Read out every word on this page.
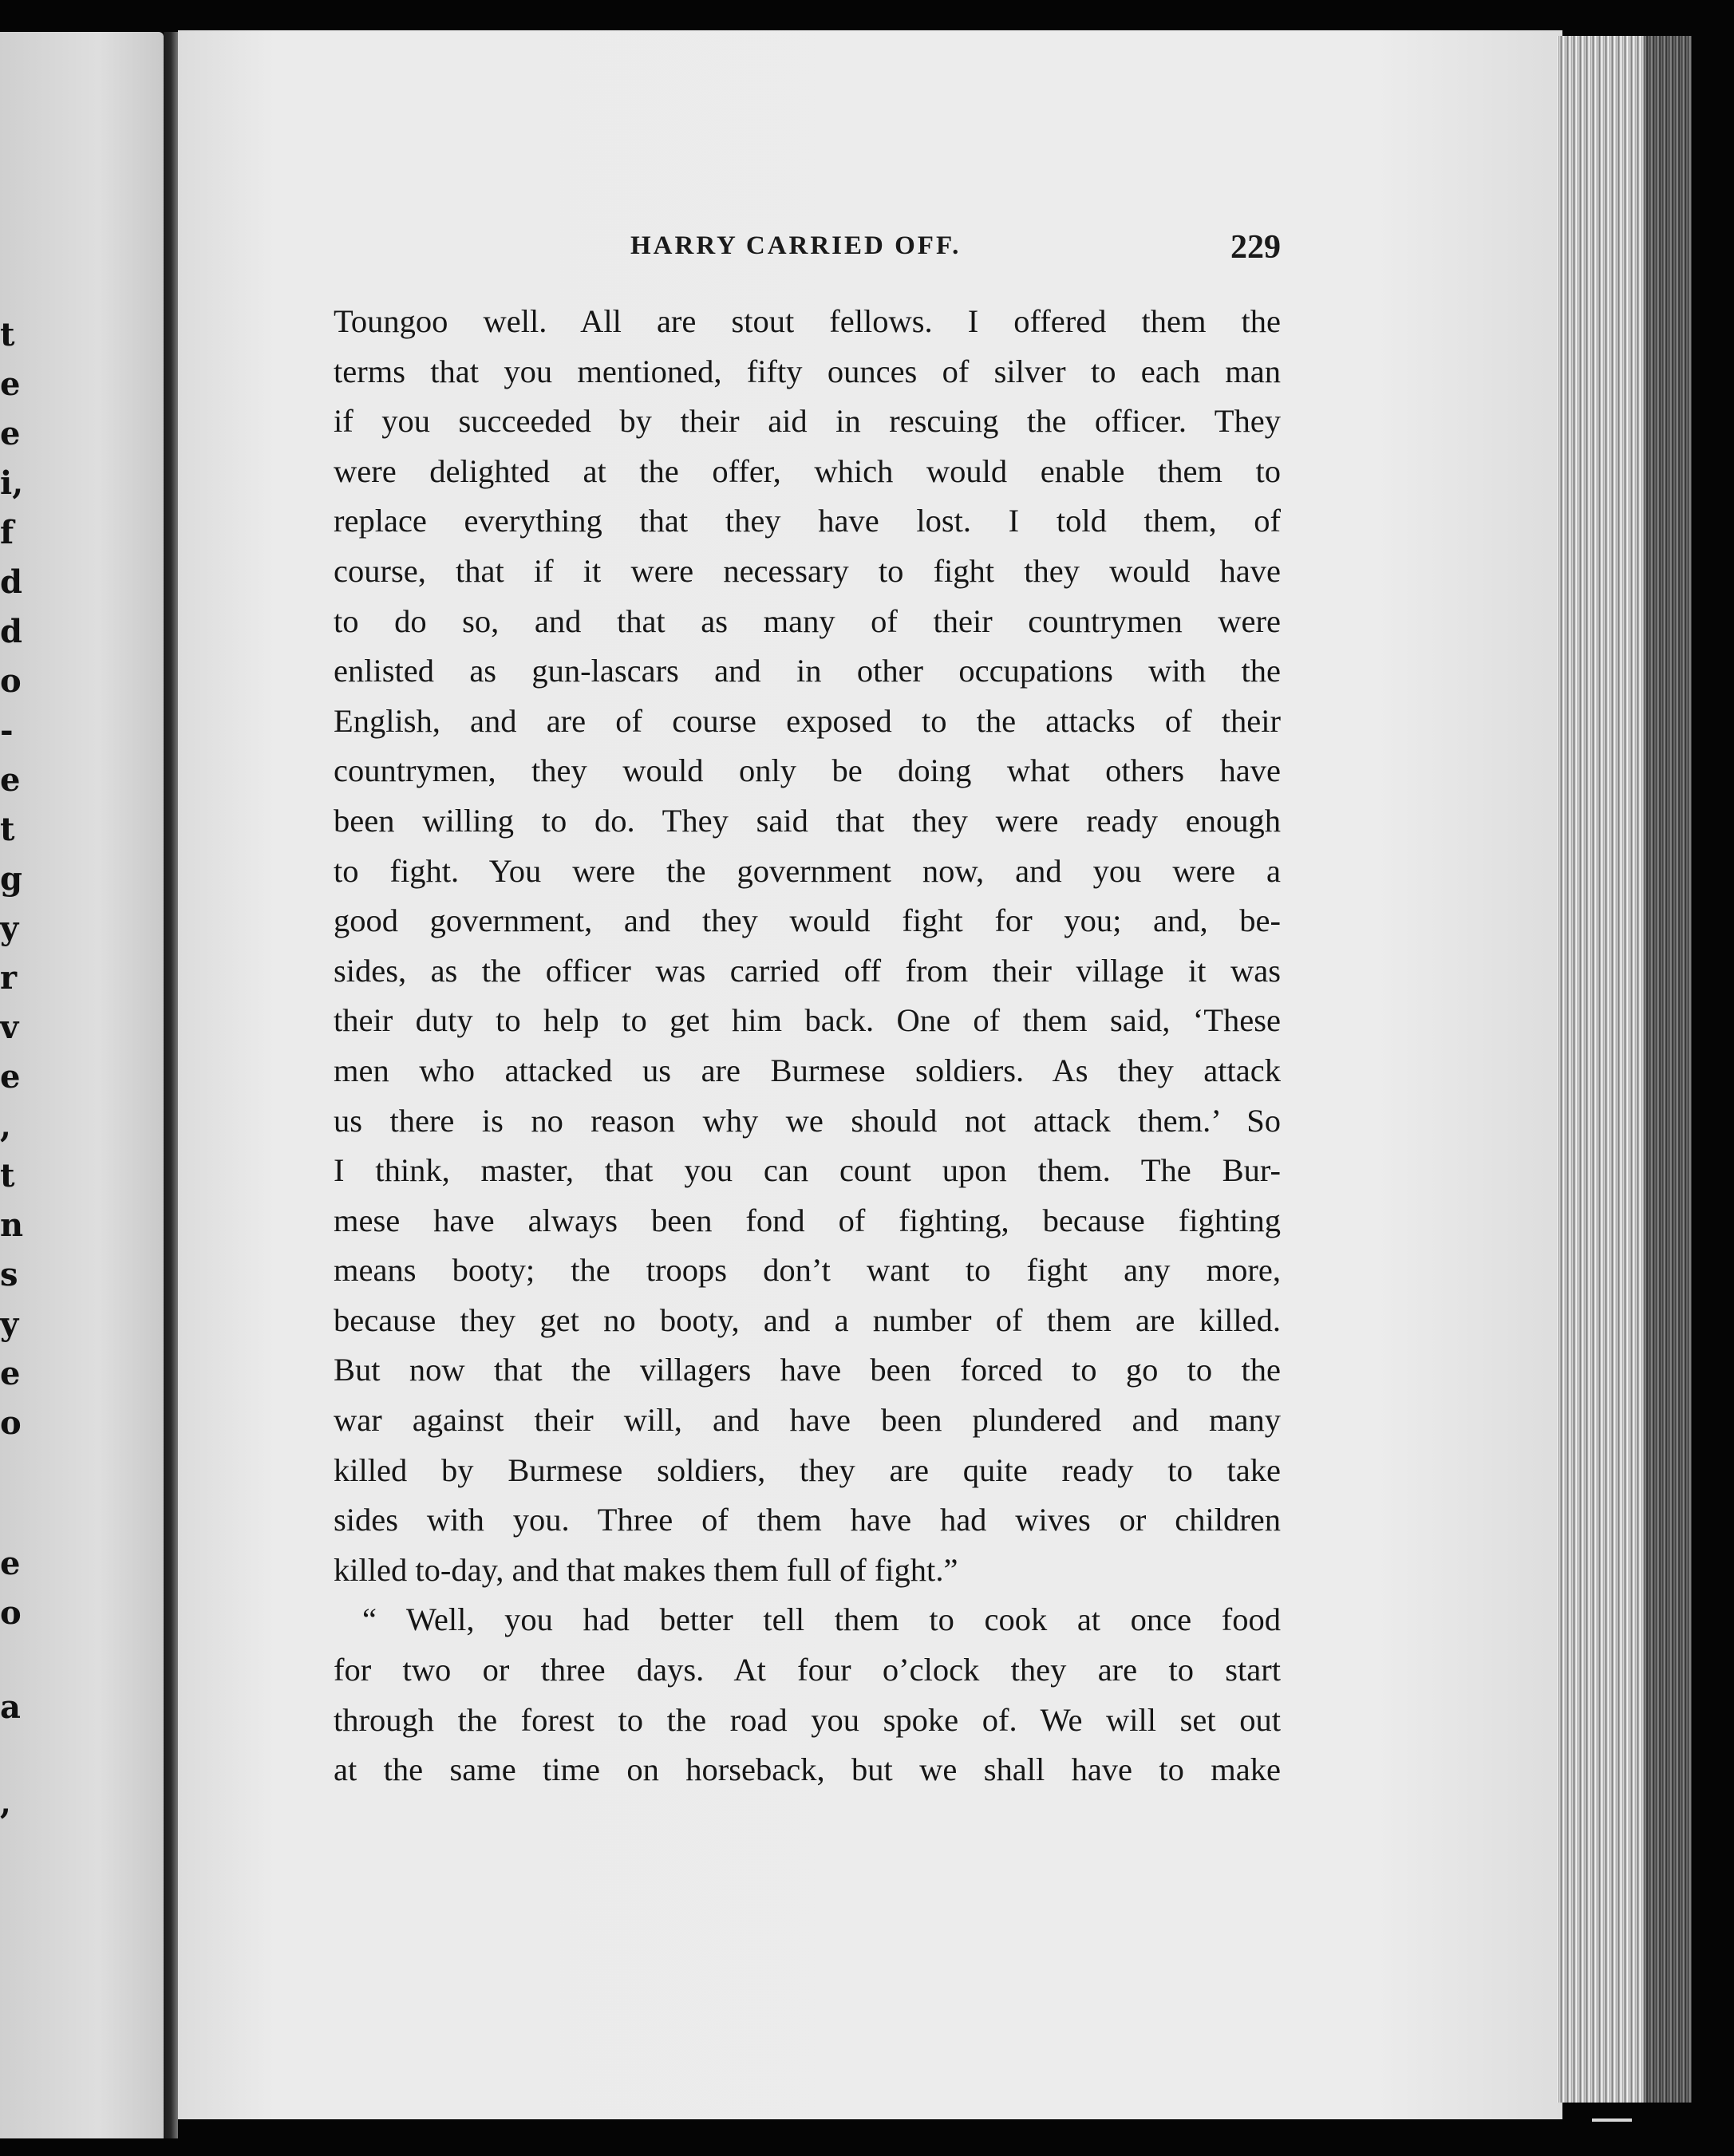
t
e
e
i,
f
d
d
o
-
e
t
g
y
r
v
e
,
t
n
s
y
e
o
e
o
a
,
HARRY CARRIED OFF.	229
Toungoo well. All are stout fellows. I offered them the
terms that you mentioned, fifty ounces of silver to each man
if you succeeded by their aid in rescuing the officer. They
were delighted at the offer, which would enable them to
replace everything that they have lost. I told them, of
course, that if it were necessary to fight they would have
to do so, and that as many of their countrymen were
enlisted as gun-lascars and in other occupations with the
English, and are of course exposed to the attacks of their
countrymen, they would only be doing what others have
been willing to do. They said that they were ready enough
to fight. You were the government now, and you were a
good government, and they would fight for you; and, be-
sides, as the officer was carried off from their village it was
their duty to help to get him back. One of them said, ‘These
men who attacked us are Burmese soldiers. As they attack
us there is no reason why we should not attack them.’ So
I think, master, that you can count upon them. The Bur-
mese have always been fond of fighting, because fighting
means booty; the troops don’t want to fight any more,
because they get no booty, and a number of them are killed.
But now that the villagers have been forced to go to the
war against their will, and have been plundered and many
killed by Burmese soldiers, they are quite ready to take
sides with you. Three of them have had wives or children
killed to-day, and that makes them full of fight.”
“ Well, you had better tell them to cook at once food
for two or three days. At four o’clock they are to start
through the forest to the road you spoke of. We will set out
at the same time on horseback, but we shall have to make
